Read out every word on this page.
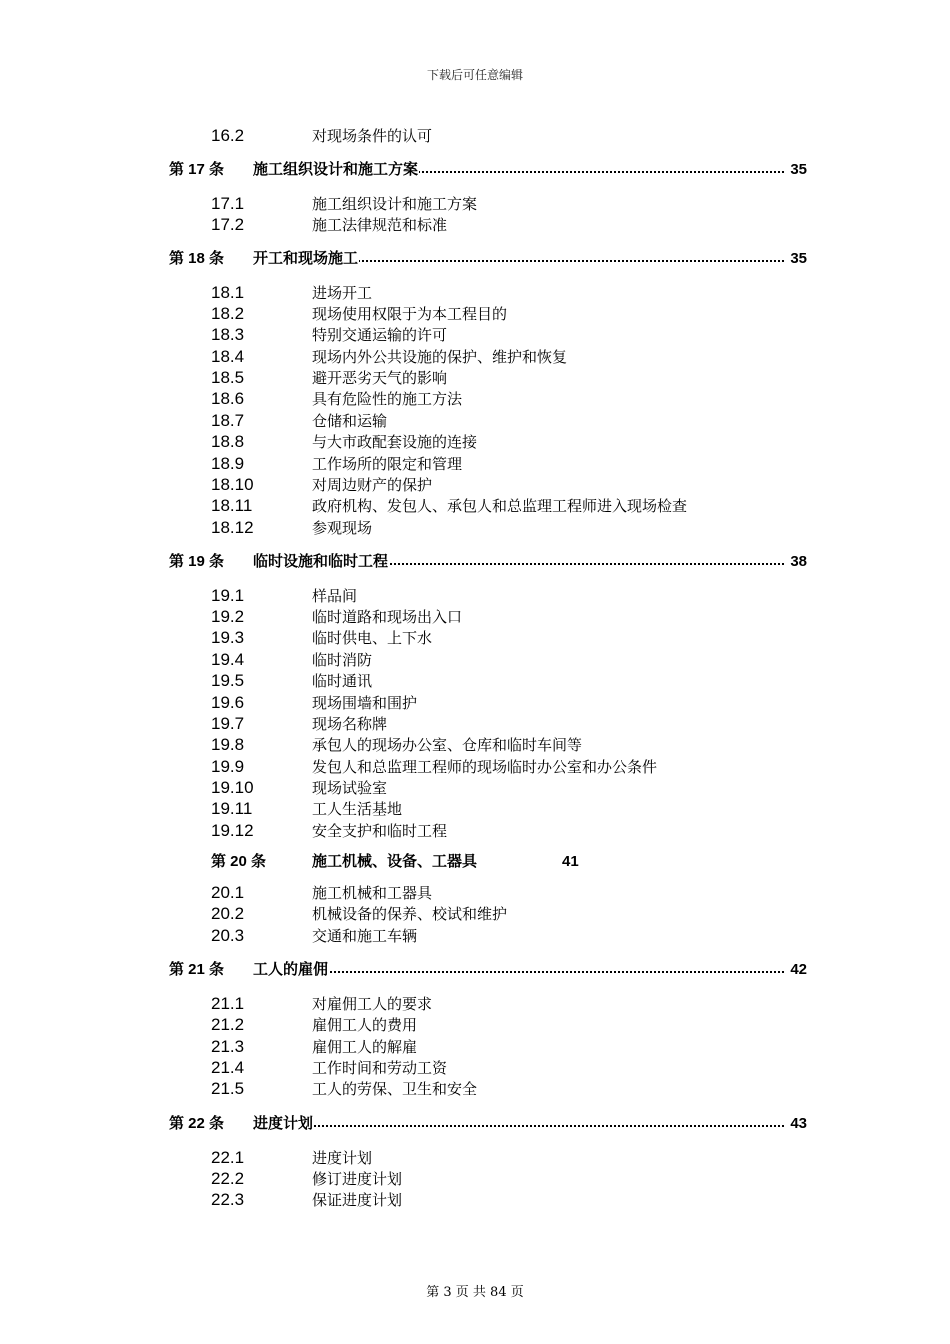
下载后可任意编辑
16.2	对现场条件的认可
第 17 条 施工组织设计和施工方案	35
17.1	施工组织设计和施工方案
17.2	施工法律规范和标准
第 18 条 开工和现场施工	35
18.1	进场开工
18.2	现场使用权限于为本工程目的
18.3	特别交通运输的许可
18.4	现场内外公共设施的保护、维护和恢复
18.5	避开恶劣天气的影响
18.6	具有危险性的施工方法
18.7	仓储和运输
18.8	与大市政配套设施的连接
18.9	工作场所的限定和管理
18.10	对周边财产的保护
18.11	政府机构、发包人、承包人和总监理工程师进入现场检查
18.12	参观现场
第 19 条 临时设施和临时工程	38
19.1	样品间
19.2	临时道路和现场出入口
19.3	临时供电、上下水
19.4	临时消防
19.5	临时通讯
19.6	现场围墙和围护
19.7	现场名称牌
19.8	承包人的现场办公室、仓库和临时车间等
19.9	发包人和总监理工程师的现场临时办公室和办公条件
19.10	现场试验室
19.11	工人生活基地
19.12	安全支护和临时工程
第 20 条	施工机械、设备、工器具	41
20.1	施工机械和工器具
20.2	机械设备的保养、校试和维护
20.3	交通和施工车辆
第 21 条 工人的雇佣	42
21.1	对雇佣工人的要求
21.2	雇佣工人的费用
21.3	雇佣工人的解雇
21.4	工作时间和劳动工资
21.5	工人的劳保、卫生和安全
第 22 条 进度计划	43
22.1	进度计划
22.2	修订进度计划
22.3	保证进度计划
第 3 页 共 84 页
